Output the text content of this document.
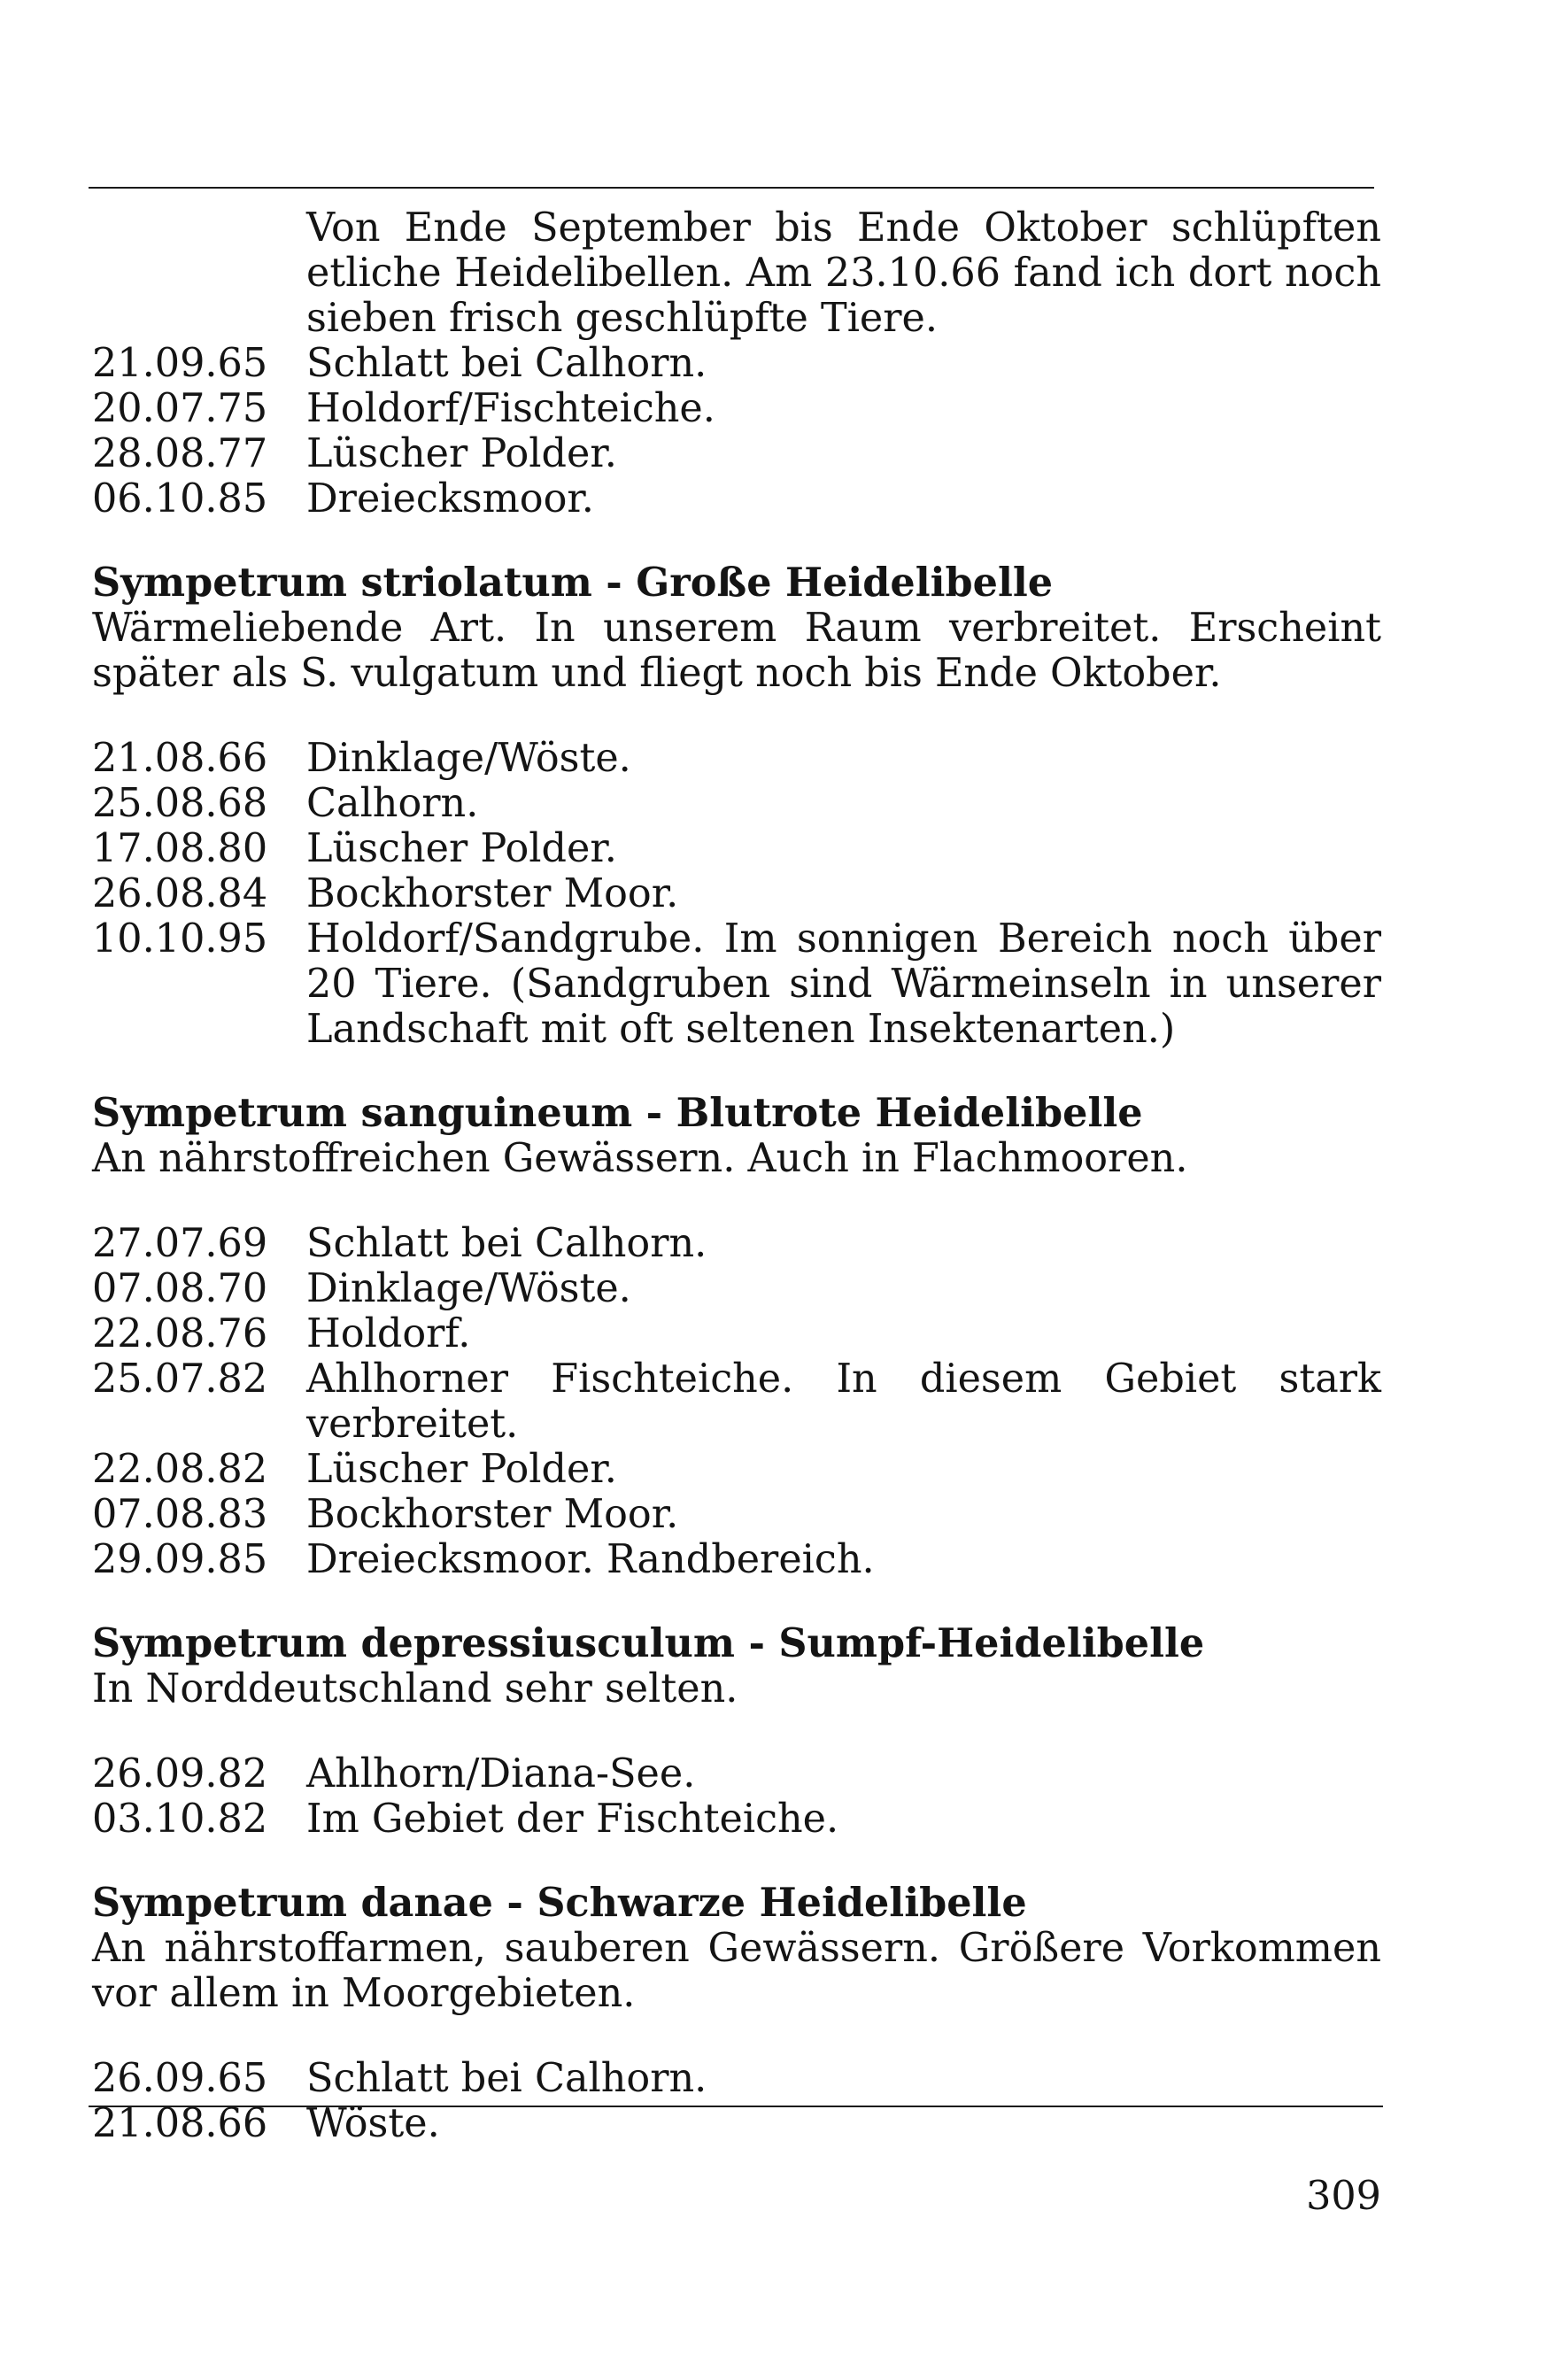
Von Ende September bis Ende Oktober schlüpften etliche Heidelibellen. Am 23.10.66 fand ich dort noch sieben frisch geschlüpfte Tiere.
21.09.65 Schlatt bei Calhorn.
20.07.75 Holdorf/Fischteiche.
28.08.77 Lüscher Polder.
06.10.85 Dreiecksmoor.
Sympetrum striolatum - Große Heidelibelle
Wärmeliebende Art. In unserem Raum verbreitet. Erscheint später als S. vulgatum und fliegt noch bis Ende Oktober.
21.08.66 Dinklage/Wöste.
25.08.68 Calhorn.
17.08.80 Lüscher Polder.
26.08.84 Bockhorster Moor.
10.10.95 Holdorf/Sandgrube. Im sonnigen Bereich noch über 20 Tiere. (Sandgruben sind Wärmeinseln in unserer Landschaft mit oft seltenen Insektenarten.)
Sympetrum sanguineum - Blutrote Heidelibelle
An nährstoffreichen Gewässern. Auch in Flachmooren.
27.07.69 Schlatt bei Calhorn.
07.08.70 Dinklage/Wöste.
22.08.76 Holdorf.
25.07.82 Ahlhorner Fischteiche. In diesem Gebiet stark verbreitet.
22.08.82 Lüscher Polder.
07.08.83 Bockhorster Moor.
29.09.85 Dreiecksmoor. Randbereich.
Sympetrum depressiusculum - Sumpf-Heidelibelle
In Norddeutschland sehr selten.
26.09.82 Ahlhorn/Diana-See.
03.10.82 Im Gebiet der Fischteiche.
Sympetrum danae - Schwarze Heidelibelle
An nährstoffarmen, sauberen Gewässern. Größere Vorkommen vor allem in Moorgebieten.
26.09.65 Schlatt bei Calhorn.
21.08.66 Wöste.
309
